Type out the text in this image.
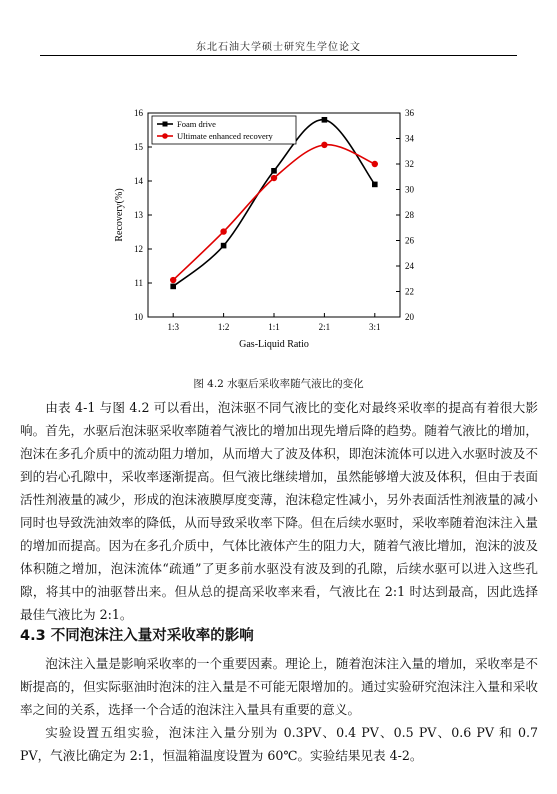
东北石油大学硕士研究生学位论文
1:3	1:2	1:1	2:1	3:1
10
11
12
13
14
15
16
20
22
24
26
28
30
32
34
36
Gas-Liquid Ratio
Recovery(%)
Foam drive
Ultimate enhanced recovery
图 4.2 水驱后采收率随气液比的变化

由表 4-1 与图 4.2 可以看出，泡沫驱不同气液比的变化对最终采收率的提高有着很大影响。首先，水驱后泡沫驱采收率随着气液比的增加出现先增后降的趋势。随着气液比的增加，泡沫在多孔介质中的流动阻力增加，从而增大了波及体积，即泡沫流体可以进入水驱时波及不到的岩心孔隙中，采收率逐渐提高。但气液比继续增加，虽然能够增大波及体积，但由于表面活性剂液量的减少，形成的泡沫液膜厚度变薄，泡沫稳定性减小，另外表面活性剂液量的减小同时也导致洗油效率的降低，从而导致采收率下降。但在后续水驱时，采收率随着泡沫注入量的增加而提高。因为在多孔介质中，气体比液体产生的阻力大，随着气液比增加，泡沫的波及体积随之增加，泡沫流体“疏通”了更多前水驱没有波及到的孔隙，后续水驱可以进入这些孔隙，将其中的油驱替出来。但从总的提高采收率来看，气液比在 2:1 时达到最高，因此选择最佳气液比为 2:1。

4.3 不同泡沫注入量对采收率的影响

泡沫注入量是影响采收率的一个重要因素。理论上，随着泡沫注入量的增加，采收率是不断提高的，但实际驱油时泡沫的注入量是不可能无限增加的。通过实验研究泡沫注入量和采收率之间的关系，选择一个合适的泡沫注入量具有重要的意义。

实验设置五组实验，泡沫注入量分别为 0.3PV、0.4 PV、0.5 PV、0.6 PV 和 0.7 PV，气液比确定为 2:1，恒温箱温度设置为 60℃。实验结果见表 4-2。
